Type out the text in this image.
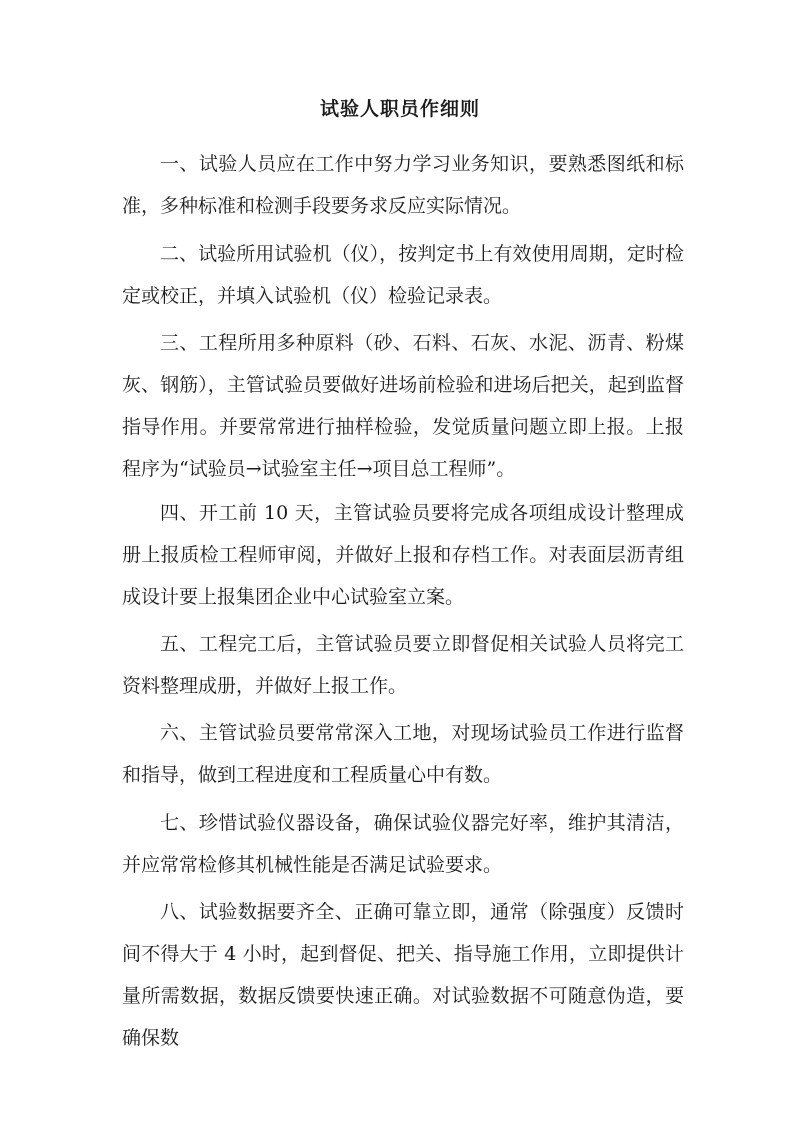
试验人职员作细则

一、试验人员应在工作中努力学习业务知识，要熟悉图纸和标准，多种标准和检测手段要务求反应实际情况。

二、试验所用试验机（仪），按判定书上有效使用周期，定时检定或校正，并填入试验机（仪）检验记录表。

三、工程所用多种原料（砂、石料、石灰、水泥、沥青、粉煤灰、钢筋），主管试验员要做好进场前检验和进场后把关，起到监督指导作用。并要常常进行抽样检验，发觉质量问题立即上报。上报程序为“试验员→试验室主任→项目总工程师”。

四、开工前 10 天，主管试验员要将完成各项组成设计整理成册上报质检工程师审阅，并做好上报和存档工作。对表面层沥青组成设计要上报集团企业中心试验室立案。

五、工程完工后，主管试验员要立即督促相关试验人员将完工资料整理成册，并做好上报工作。

六、主管试验员要常常深入工地，对现场试验员工作进行监督和指导，做到工程进度和工程质量心中有数。

七、珍惜试验仪器设备，确保试验仪器完好率，维护其清洁，并应常常检修其机械性能是否满足试验要求。

八、试验数据要齐全、正确可靠立即，通常（除强度）反馈时间不得大于 4 小时，起到督促、把关、指导施工作用，立即提供计量所需数据，数据反馈要快速正确。对试验数据不可随意伪造，要确保数
